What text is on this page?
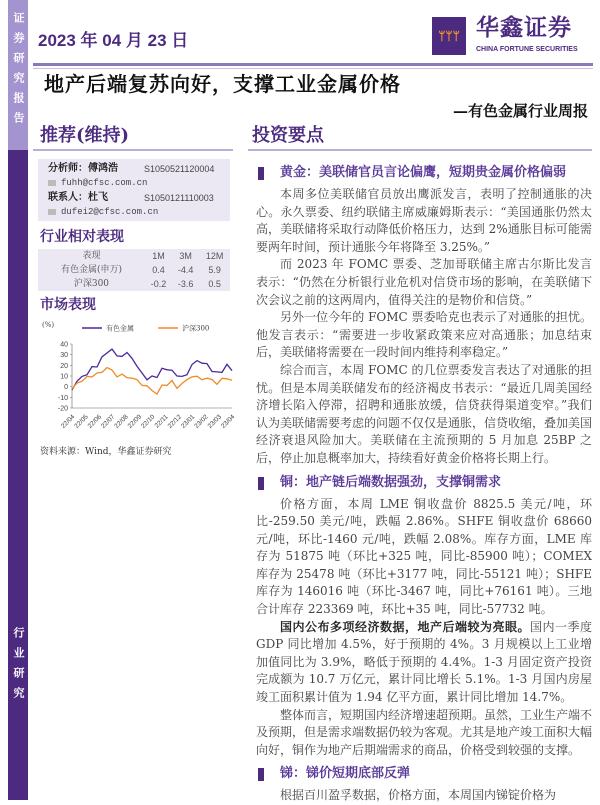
证券研究报告
行业研究
2023 年 04 月 23 日	ᛘᛘᛘ 华鑫证券
CHINA FORTUNE SECURITIES
地产后端复苏向好，支撑工业金属价格
—有色金属行业周报
推荐(维持)	投资要点
分析师：傅鸿浩	S1050521120004
fuhh@cfsc.com.cn
联系人：杜飞	S1050121110003
dufei2@cfsc.com.cn
行业相对表现
表现	1M	3M	12M
有色金属(申万)	0.4	-4.4	5.9
沪深300	-0.2	-3.6	0.5
市场表现
(%)
40
30
20
10
0
-10
-20
22/04
22/05
22/06
22/07
22/08
22/09
22/10
22/11
22/12
23/01
23/02
23/03
23/04
有色金属	沪深300
资料来源：Wind，华鑫证券研究
黄金：美联储官员言论偏鹰，短期贵金属价格偏弱

本周多位美联储官员放出鹰派发言，表明了控制通胀的决心。永久票委、纽约联储主席威廉姆斯表示：“美国通胀仍然太高，美联储将采取行动降低价格压力，达到 2%通胀目标可能需要两年时间，预计通胀今年将降至 3.25%。”

而 2023 年 FOMC 票委、芝加哥联储主席古尔斯比发言表示：“仍然在分析银行业危机对信贷市场的影响，在美联储下次会议之前的这两周内，值得关注的是物价和信贷。”

另外一位今年的 FOMC 票委哈克也表示了对通胀的担忧。他发言表示：“需要进一步收紧政策来应对高通胀；加息结束后，美联储将需要在一段时间内维持利率稳定。”

综合而言，本周 FOMC 的几位票委发言表达了对通胀的担忧。但是本周美联储发布的经济褐皮书表示：“最近几周美国经济增长陷入停滞，招聘和通胀放缓，信贷获得渠道变窄。”我们认为美联储需要考虑的问题不仅仅是通胀，信贷收缩，叠加美国经济衰退风险加大。美联储在主流预期的 5 月加息 25BP 之后，停止加息概率加大，持续看好黄金价格将长期上行。

铜：地产链后端数据强劲，支撑铜需求

价格方面，本周 LME 铜收盘价 8825.5 美元/吨，环比-259.50 美元/吨，跌幅 2.86%。SHFE 铜收盘价 68660 元/吨，环比-1460 元/吨，跌幅 2.08%。库存方面，LME 库存为 51875 吨（环比+325 吨，同比-85900 吨）；COMEX 库存为 25478 吨（环比+3177 吨，同比-55121 吨）；SHFE 库存为 146016 吨（环比-3467 吨，同比+76161 吨）。三地合计库存 223369 吨，环比+35 吨，同比-57732 吨。

国内公布多项经济数据，地产后端较为亮眼。国内一季度 GDP 同比增加 4.5%，好于预期的 4%。3 月规模以上工业增加值同比为 3.9%，略低于预期的 4.4%。1-3 月固定资产投资完成额为 10.7 万亿元，累计同比增长 5.1%。1-3 月国内房屋竣工面积累计值为 1.94 亿平方面，累计同比增加 14.7%。

整体而言，短期国内经济增速超预期。虽然，工业生产端不及预期，但是需求端数据仍较为客观。尤其是地产竣工面积大幅向好，铜作为地产后期端需求的商品，价格受到较强的支撑。

锑：锑价短期底部反弹

根据百川盈孚数据，价格方面，本周国内锑锭价格为
